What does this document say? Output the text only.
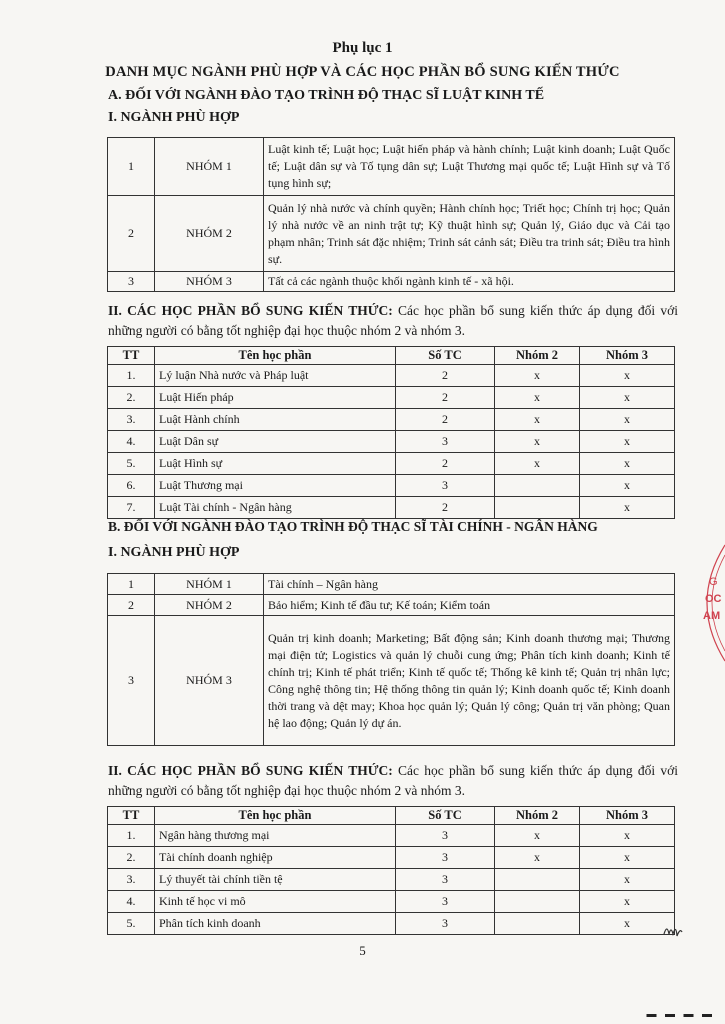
Phụ lục 1
DANH MỤC NGÀNH PHÙ HỢP VÀ CÁC HỌC PHẦN BỔ SUNG KIẾN THỨC
A. ĐỐI VỚI NGÀNH ĐÀO TẠO TRÌNH ĐỘ THẠC SĨ LUẬT KINH TẾ
I. NGÀNH PHÙ HỢP
1	NHÓM 1	Luật kinh tế; Luật học; Luật hiến pháp và hành chính; Luật kinh doanh; Luật Quốc tế; Luật dân sự và Tố tụng dân sự; Luật Thương mại quốc tế; Luật Hình sự và Tố tụng hình sự;
2	NHÓM 2	Quản lý nhà nước và chính quyền; Hành chính học; Triết học; Chính trị học; Quản lý nhà nước về an ninh trật tự; Kỹ thuật hình sự; Quản lý, Giáo dục và Cải tạo phạm nhân; Trinh sát đặc nhiệm; Trinh sát cảnh sát; Điều tra trinh sát; Điều tra hình sự.
3	NHÓM 3	Tất cả các ngành thuộc khối ngành kinh tế - xã hội.
II. CÁC HỌC PHẦN BỔ SUNG KIẾN THỨC: Các học phần bổ sung kiến thức áp dụng đối với những người có bằng tốt nghiệp đại học thuộc nhóm 2 và nhóm 3.
TT	Tên học phần	Số TC	Nhóm 2	Nhóm 3
1.	Lý luận Nhà nước và Pháp luật	2	x	x
2.	Luật Hiến pháp	2	x	x
3.	Luật Hành chính	2	x	x
4.	Luật Dân sự	3	x	x
5.	Luật Hình sự	2	x	x
6.	Luật Thương mại	3		x
7.	Luật Tài chính - Ngân hàng	2		x
B. ĐỐI VỚI NGÀNH ĐÀO TẠO TRÌNH ĐỘ THẠC SĨ TÀI CHÍNH - NGÂN HÀNG
I. NGÀNH PHÙ HỢP
1	NHÓM 1	Tài chính – Ngân hàng
2	NHÓM 2	Bảo hiểm; Kinh tế đầu tư; Kế toán; Kiểm toán
3	NHÓM 3	Quản trị kinh doanh; Marketing; Bất động sản; Kinh doanh thương mại; Thương mại điện tử; Logistics và quản lý chuỗi cung ứng; Phân tích kinh doanh; Kinh tế chính trị; Kinh tế phát triển; Kinh tế quốc tế; Thống kê kinh tế; Quản trị nhân lực; Công nghệ thông tin; Hệ thống thông tin quản lý; Kinh doanh quốc tế; Kinh doanh thời trang và dệt may; Khoa học quản lý; Quản lý công; Quản trị văn phòng; Quan hệ lao động; Quản lý dự án.
II. CÁC HỌC PHẦN BỔ SUNG KIẾN THỨC: Các học phần bổ sung kiến thức áp dụng đối với những người có bằng tốt nghiệp đại học thuộc nhóm 2 và nhóm 3.
TT	Tên học phần	Số TC	Nhóm 2	Nhóm 3
1.	Ngân hàng thương mại	3	x	x
2.	Tài chính doanh nghiệp	3	x	x
3.	Lý thuyết tài chính tiền tệ	3		x
4.	Kinh tế học vi mô	3		x
5.	Phân tích kinh doanh	3		x
5
G
OC
AM
▬ ▬ ▬ ▬
